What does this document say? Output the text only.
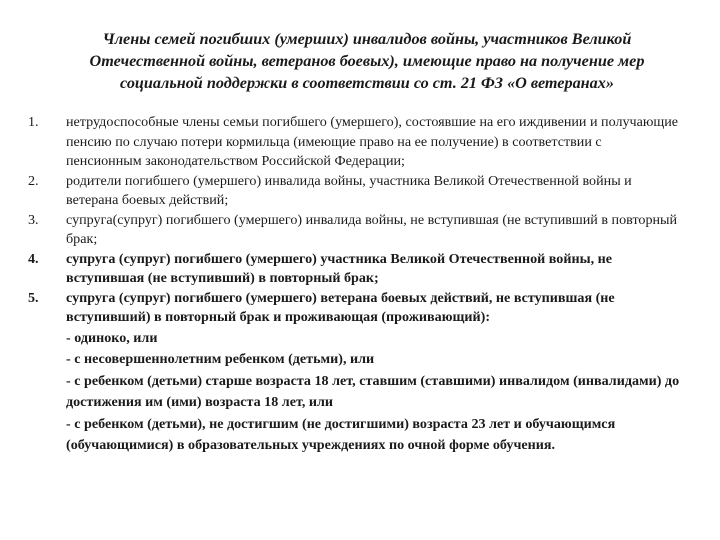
Члены семей погибших (умерших) инвалидов войны, участников Великой Отечественной войны, ветеранов боевых), имеющие право на получение мер социальной поддержки в соответствии со ст. 21 ФЗ «О ветеранах»
1.	нетрудоспособные члены семьи погибшего (умершего), состоявшие на его иждивении и получающие пенсию по случаю потери кормильца (имеющие право на ее получение) в соответствии с пенсионным законодательством Российской Федерации;
2.	родители погибшего (умершего) инвалида войны, участника Великой Отечественной войны и ветерана боевых действий;
3.	супруга(супруг) погибшего (умершего) инвалида войны, не вступившая (не вступивший в повторный брак;
4.	супруга (супруг) погибшего (умершего) участника Великой Отечественной войны, не вступившая (не вступивший) в повторный брак;
5.	супруга (супруг) погибшего (умершего) ветерана боевых действий, не вступившая (не вступивший) в повторный брак и проживающая (проживающий):
- одиноко, или
- с несовершеннолетним ребенком (детьми), или
- с ребенком (детьми) старше возраста 18 лет, ставшим (ставшими) инвалидом (инвалидами) до достижения им (ими) возраста 18 лет, или
- с ребенком (детьми), не достигшим (не достигшими) возраста 23 лет и обучающимся (обучающимися) в образовательных учреждениях по очной форме обучения.
